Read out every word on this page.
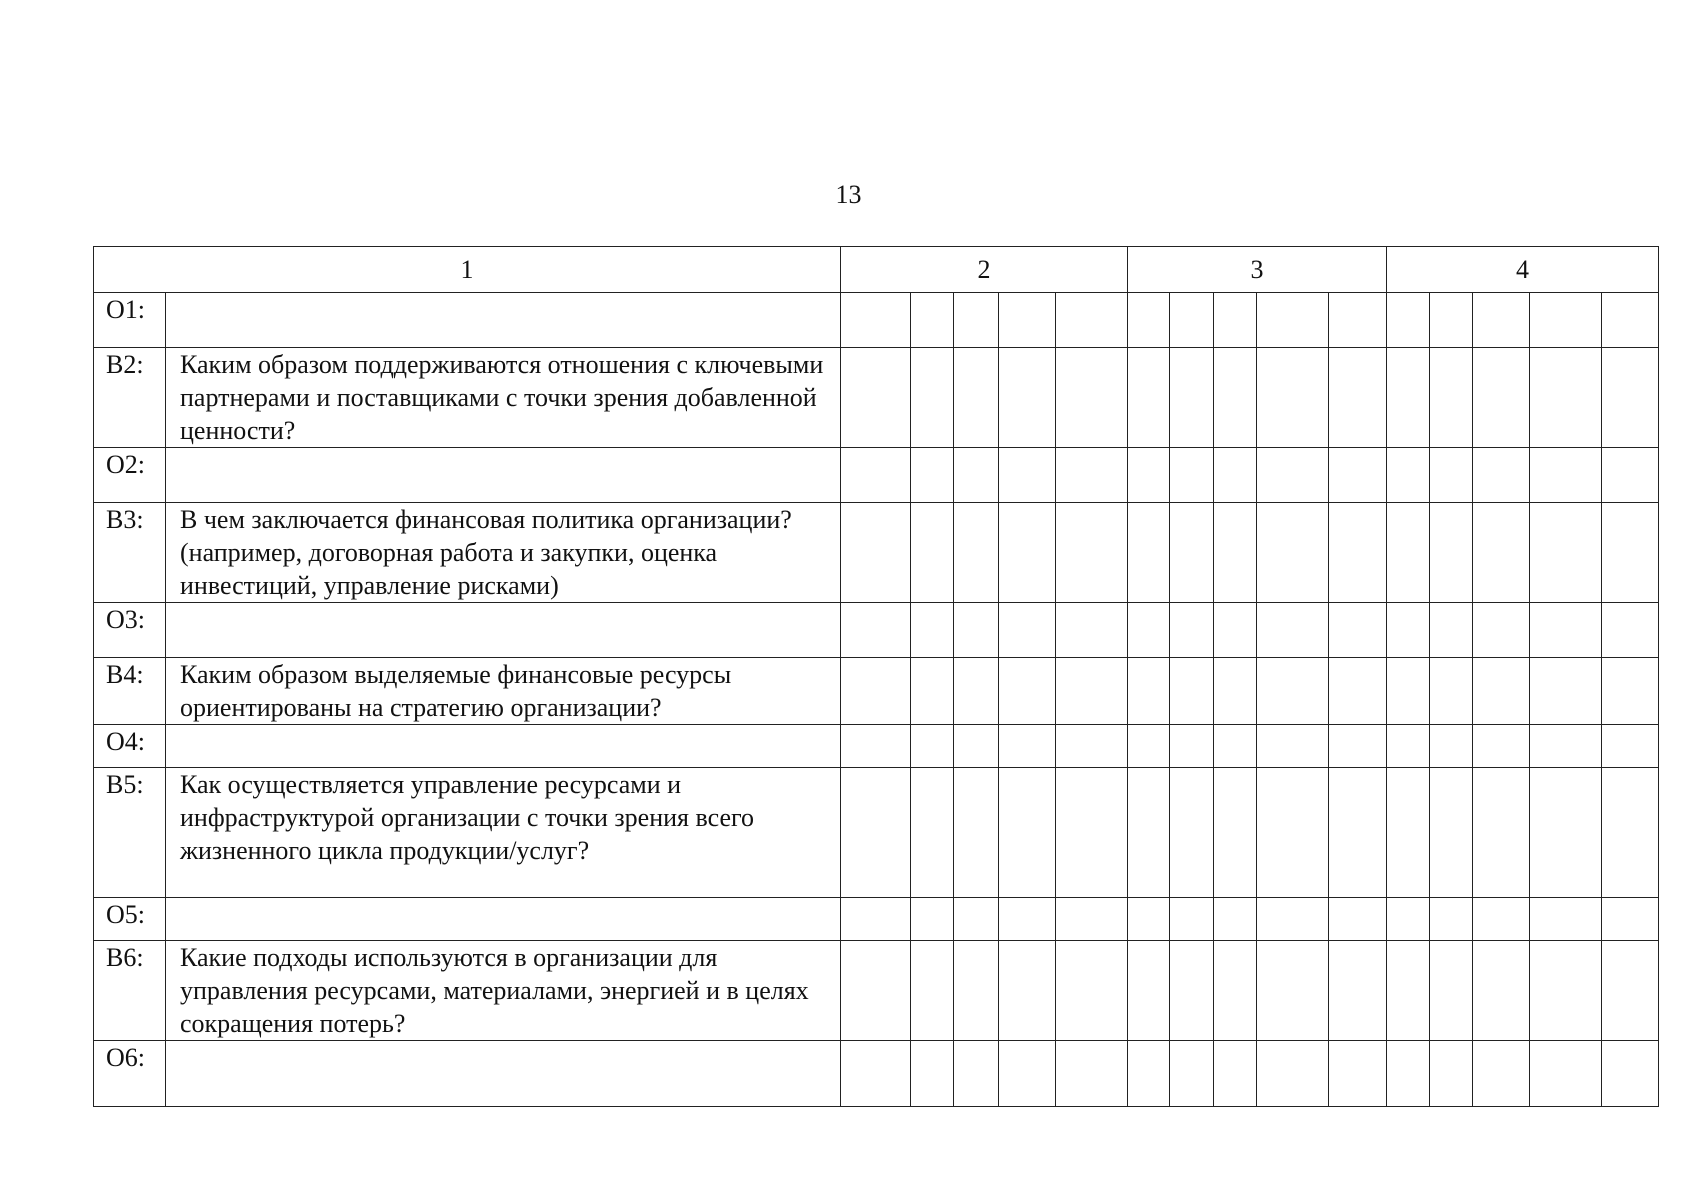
13
1		2					3					4				
О1:																
В2:	Каким образом поддерживаются отношения с ключевыми партнерами и поставщиками с точки зрения добавленной ценности?															
О2:																
В3:	В чем заключается финансовая политика организации? (например, договорная работа и закупки, оценка инвестиций, управление рисками)															
О3:																
В4:	Каким образом выделяемые финансовые ресурсы ориентированы на стратегию организации?															
О4:																
В5:	Как осуществляется управление ресурсами и инфраструктурой организации с точки зрения всего жизненного цикла продукции/услуг?															
О5:																
В6:	Какие подходы используются в организации для управления ресурсами, материалами, энергией и в целях сокращения потерь?															
О6:																
